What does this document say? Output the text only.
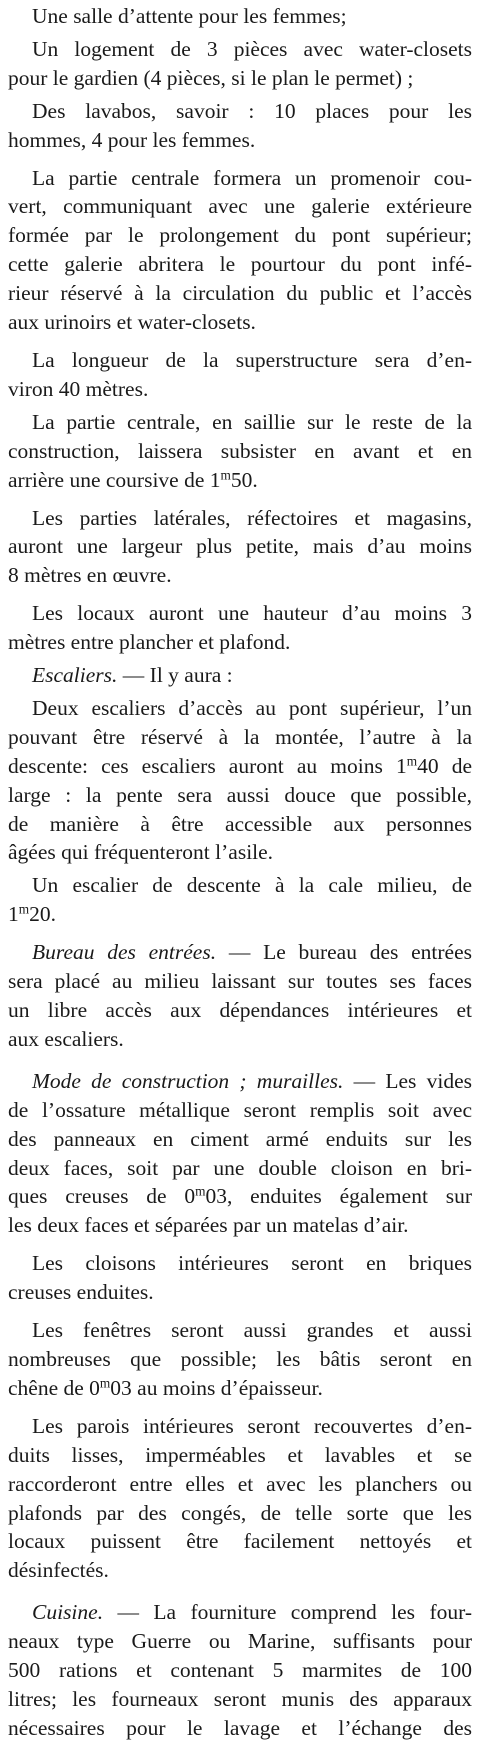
Une salle d’attente pour les femmes;
Un logement de 3 pièces avec water-closets
pour le gardien (4 pièces, si le plan le permet) ;
Des lavabos, savoir : 10 places pour les
hommes, 4 pour les femmes.
La partie centrale formera un promenoir cou-
vert, communiquant avec une galerie extérieure
formée par le prolongement du pont supérieur;
cette galerie abritera le pourtour du pont infé-
rieur réservé à la circulation du public et l’accès
aux urinoirs et water-closets.
La longueur de la superstructure sera d’en-
viron 40 mètres.
La partie centrale, en saillie sur le reste de la
construction, laissera subsister en avant et en
arrière une coursive de 1$^m$50.
Les parties latérales, réfectoires et magasins,
auront une largeur plus petite, mais d’au moins
8 mètres en œuvre.
Les locaux auront une hauteur d’au moins 3
mètres entre plancher et plafond.
Escaliers. — Il y aura :
Deux escaliers d’accès au pont supérieur, l’un
pouvant être réservé à la montée, l’autre à la
descente: ces escaliers auront au moins 1$^m$40 de
large : la pente sera aussi douce que possible,
de manière à être accessible aux personnes
âgées qui fréquenteront l’asile.
Un escalier de descente à la cale milieu, de
1$^m$20.
Bureau des entrées. — Le bureau des entrées
sera placé au milieu laissant sur toutes ses faces
un libre accès aux dépendances intérieures et
aux escaliers.
Mode de construction ; murailles. — Les vides
de l’ossature métallique seront remplis soit avec
des panneaux en ciment armé enduits sur les
deux faces, soit par une double cloison en bri-
ques creuses de 0$^m$03, enduites également sur
les deux faces et séparées par un matelas d’air.
Les cloisons intérieures seront en briques
creuses enduites.
Les fenêtres seront aussi grandes et aussi
nombreuses que possible; les bâtis seront en
chêne de 0$^m$03 au moins d’épaisseur.
Les parois intérieures seront recouvertes d’en-
duits lisses, imperméables et lavables et se
raccorderont entre elles et avec les planchers ou
plafonds par des congés, de telle sorte que les
locaux puissent être facilement nettoyés et
désinfectés.
Cuisine. — La fourniture comprend les four-
neaux type Guerre ou Marine, suffisants pour
500 rations et contenant 5 marmites de 100
litres; les fourneaux seront munis des apparaux
nécessaires pour le lavage et l’échange des
